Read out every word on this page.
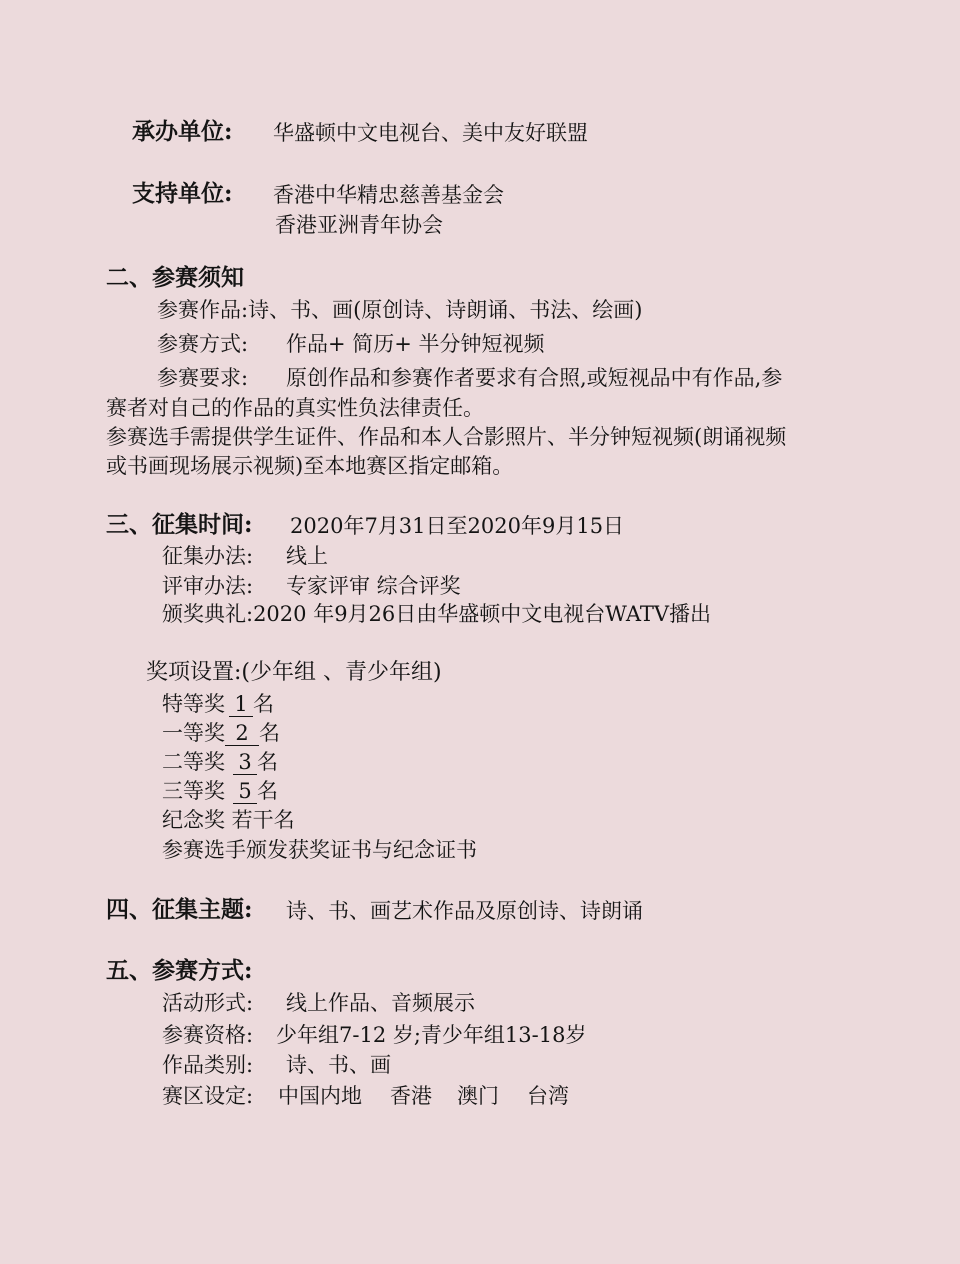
承办单位: 华盛顿中文电视台、美中友好联盟
支持单位: 香港中华精忠慈善基金会
香港亚洲青年协会
二、参赛须知
参赛作品:诗、书、画(原创诗、诗朗诵、书法、绘画)
参赛方式: 作品+ 简历+ 半分钟短视频
参赛要求: 原创作品和参赛作者要求有合照,或短视品中有作品,参
赛者对自己的作品的真实性负法律责任。
参赛选手需提供学生证件、作品和本人合影照片、半分钟短视频(朗诵视频
或书画现场展示视频)至本地赛区指定邮箱。
三、征集时间: 2020年7月31日至2020年9月15日
征集办法: 线上
评审办法: 专家评审 综合评奖
颁奖典礼:2020 年9月26日由华盛顿中文电视台WATV播出
奖项设置:(少年组 、青少年组)
特等奖 1 名
一等奖 2 名
二等奖 3 名
三等奖 5 名
纪念奖 若干名
参赛选手颁发获奖证书与纪念证书
四、征集主题: 诗、书、画艺术作品及原创诗、诗朗诵
五、参赛方式:
活动形式: 线上作品、音频展示
参赛资格: 少年组7-12 岁;青少年组13-18岁
作品类别: 诗、书、画
赛区设定: 中国内地 香港 澳门 台湾
